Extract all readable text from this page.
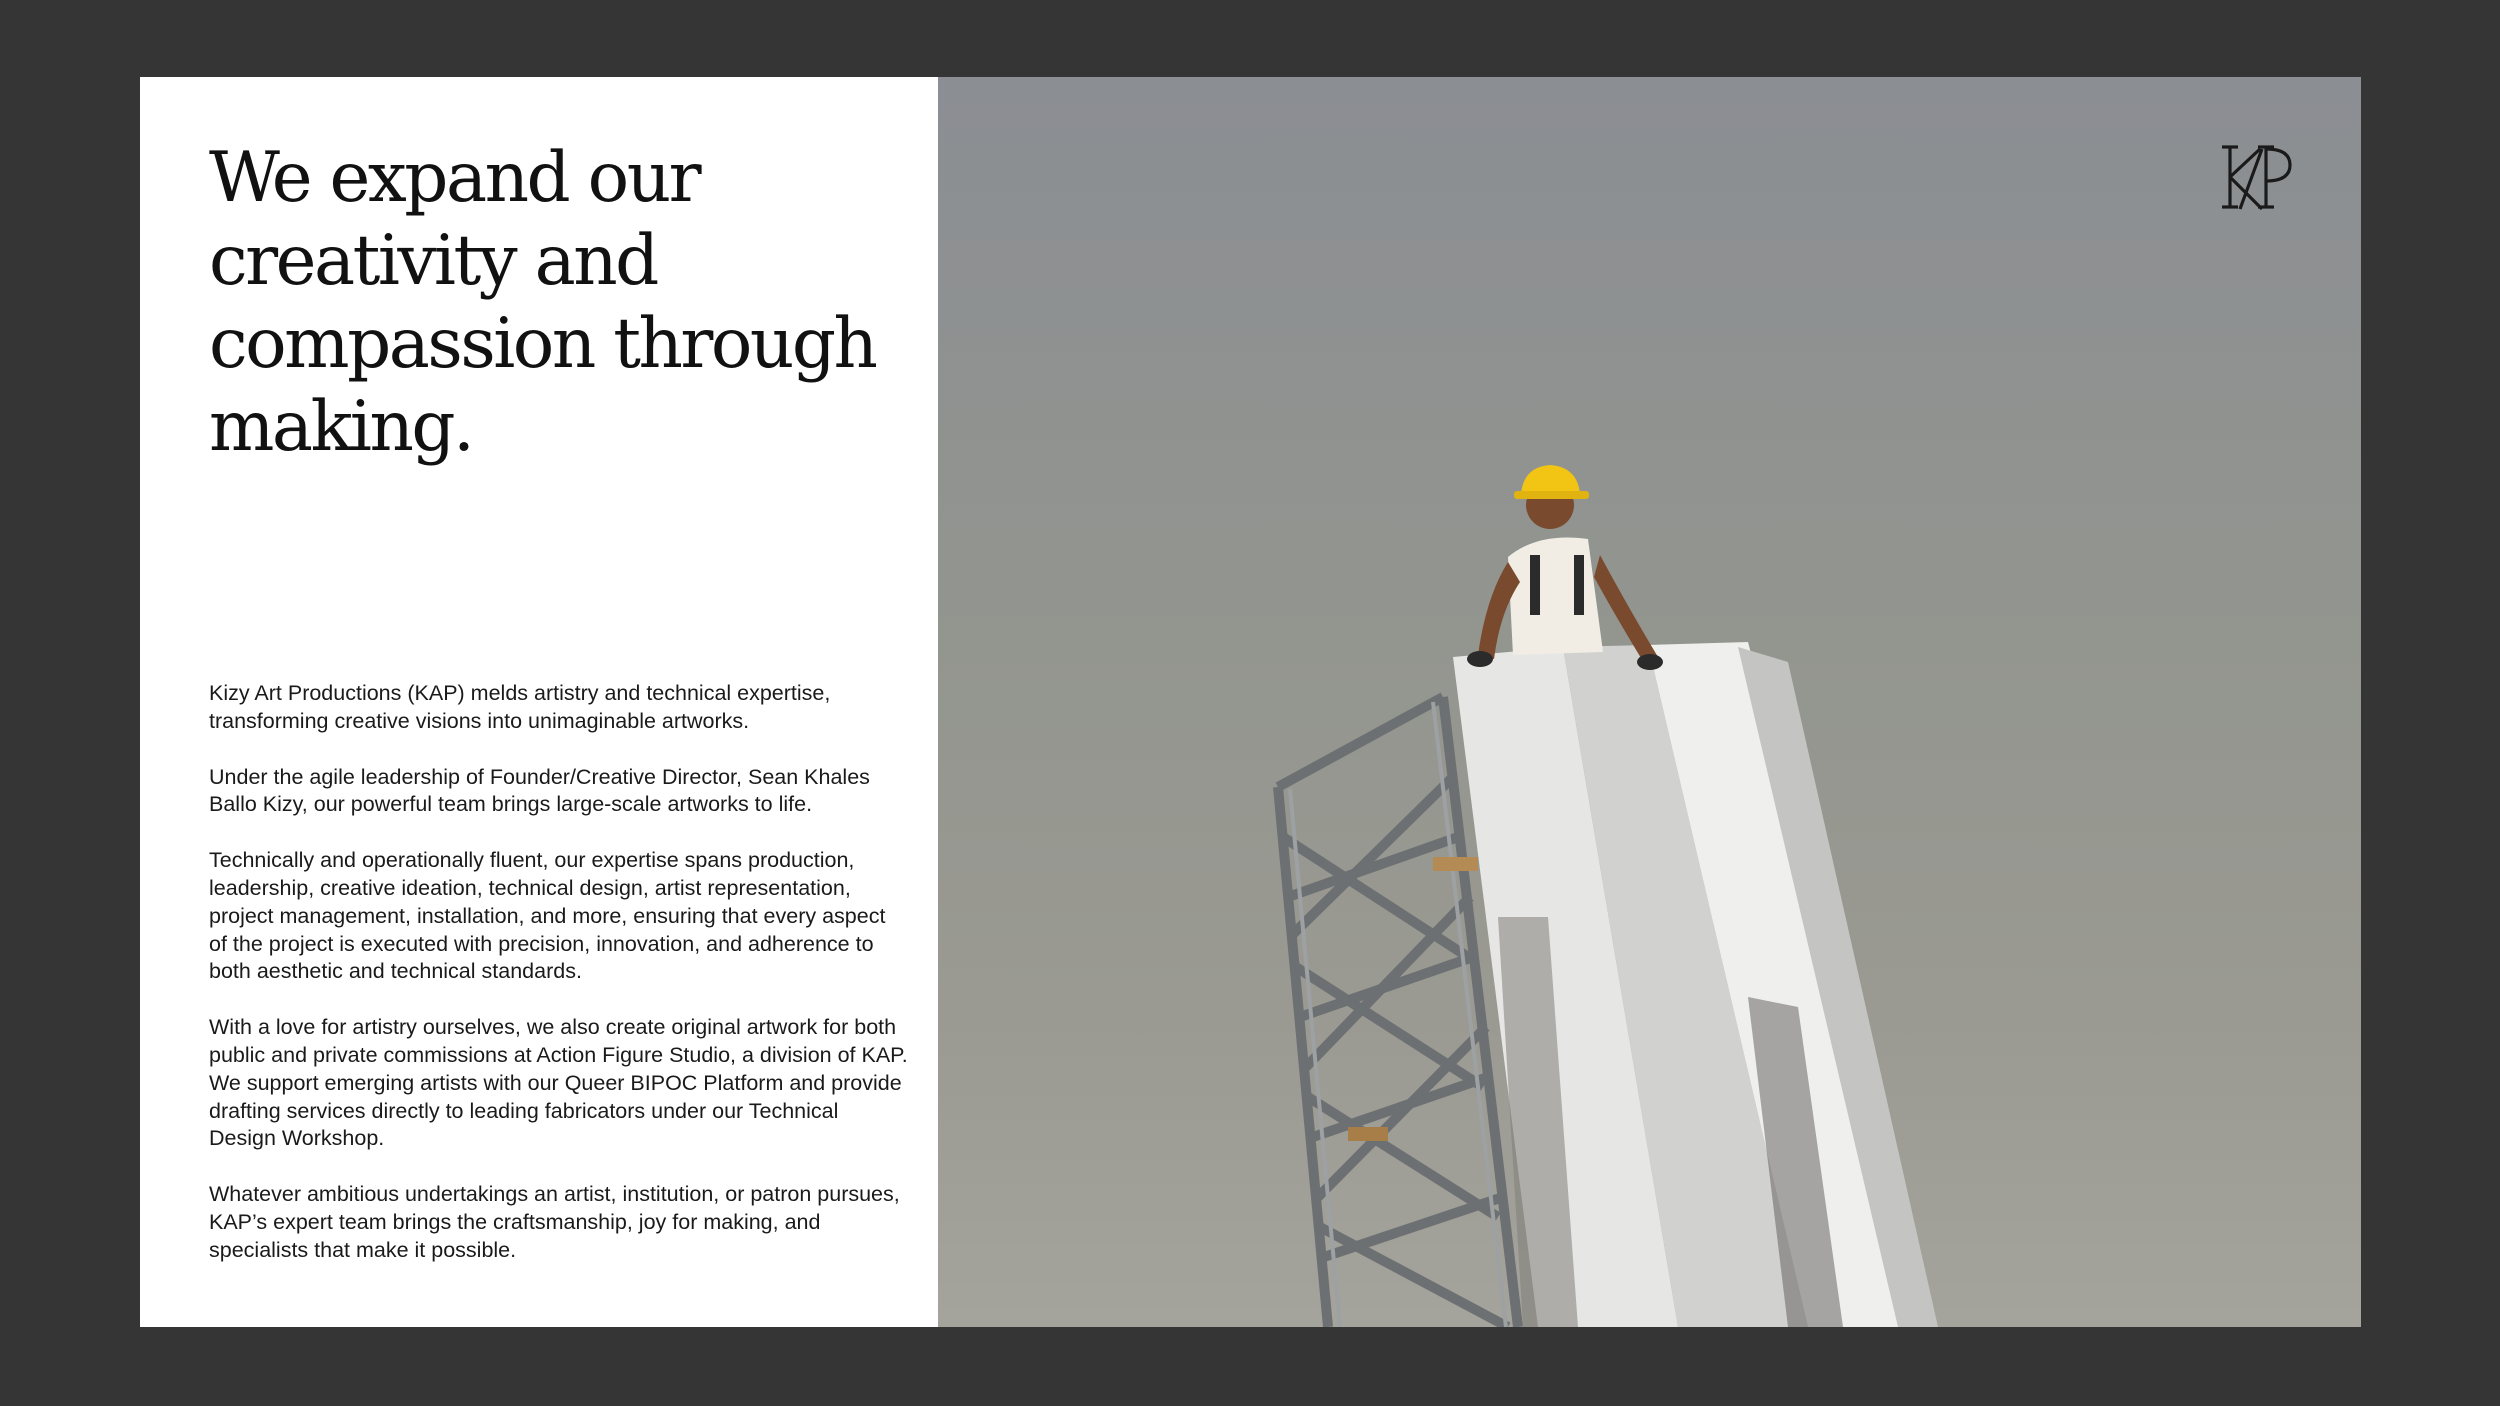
We expand our creativity and compassion through making.

Kizy Art Productions (KAP) melds artistry and technical expertise, transforming creative visions into unimaginable artworks.

Under the agile leadership of Founder/Creative Director, Sean Khales Ballo Kizy, our powerful team brings large-scale artworks to life.

Technically and operationally fluent, our expertise spans production, leadership, creative ideation, technical design, artist representation, project management, installation, and more, ensuring that every aspect of the project is executed with precision, innovation, and adherence to both aesthetic and technical standards.

With a love for artistry ourselves, we also create original artwork for both public and private commissions at Action Figure Studio, a division of KAP. We support emerging artists with our Queer BIPOC Platform and provide drafting services directly to leading fabricators under our Technical Design Workshop.

Whatever ambitious undertakings an artist, institution, or patron pursues, KAP’s expert team brings the craftsmanship, joy for making, and specialists that make it possible.
